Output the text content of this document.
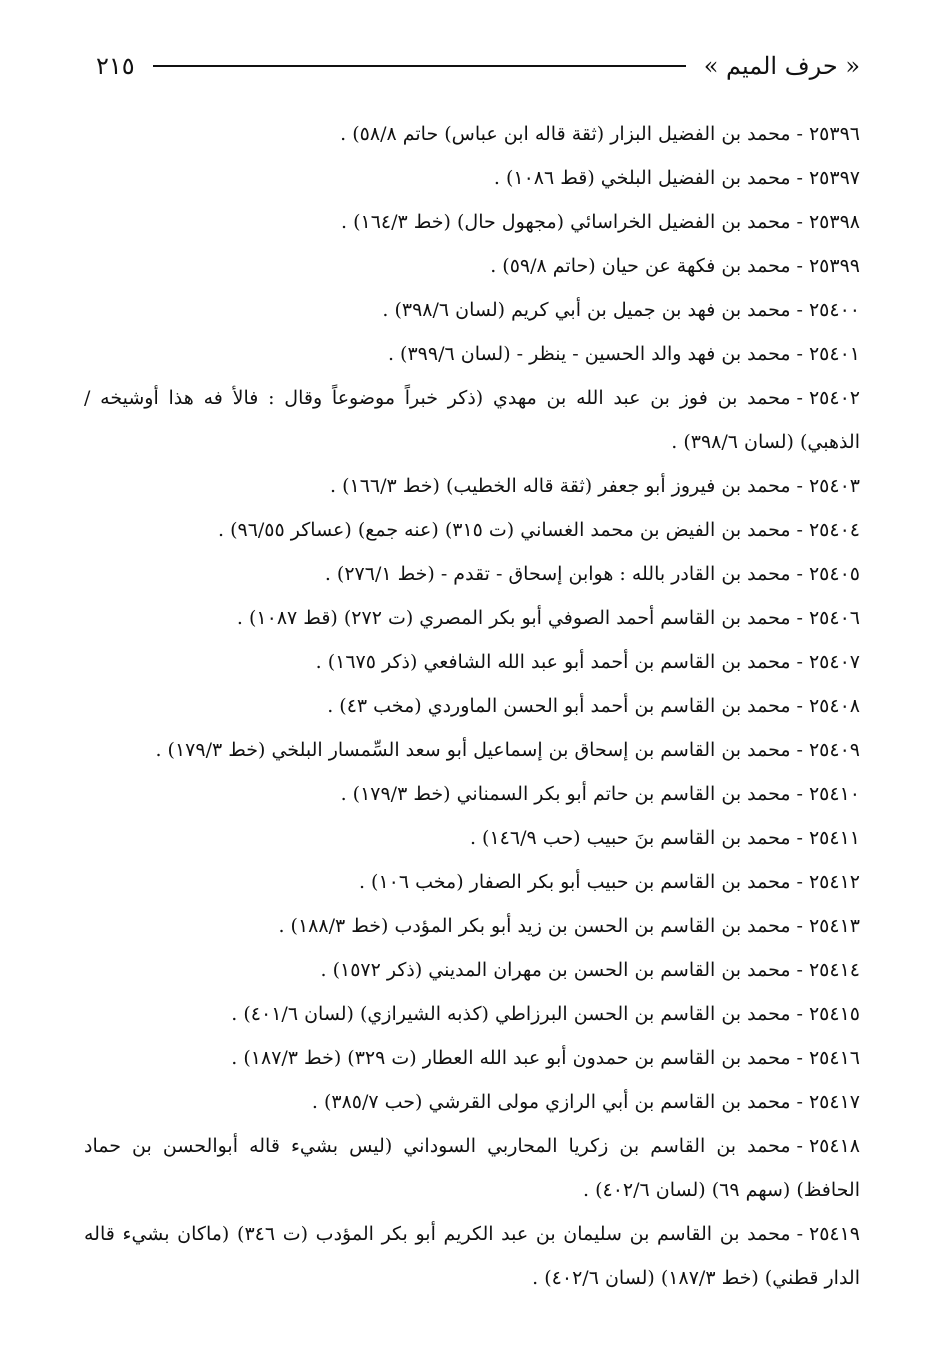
« حرف الميم »
٢١٥
٢٥٣٩٦-محمد بن الفضيل البزار (ثقة قاله ابن عباس) حاتم ٥٨/٨) .
٢٥٣٩٧-محمد بن الفضيل البلخي (قط ١٠٨٦) .
٢٥٣٩٨-محمد بن الفضيل الخراسائي (مجهول حال) (خط ١٦٤/٣) .
٢٥٣٩٩-محمد بن فكهة عن حيان (حاتم ٥٩/٨) .
٢٥٤٠٠-محمد بن فهد بن جميل بن أبي كريم (لسان ٣٩٨/٦) .
٢٥٤٠١-محمد بن فهد والد الحسين - ينظر - (لسان ٣٩٩/٦) .
٢٥٤٠٢-محمد بن فوز بن عبد الله بن مهدي (ذكر خبراً موضوعاً وقال : فالأ فه هذا أوشيخه / الذهبي) (لسان ٣٩٨/٦) .
٢٥٤٠٣-محمد بن فيروز أبو جعفر (ثقة قاله الخطيب) (خط ١٦٦/٣) .
٢٥٤٠٤-محمد بن الفيض بن محمد الغساني (ت ٣١٥) (عنه جمع) (عساكر ٩٦/٥٥) .
٢٥٤٠٥-محمد بن القادر بالله : هوابن إسحاق - تقدم - (خط ٢٧٦/١) .
٢٥٤٠٦-محمد بن القاسم أحمد الصوفي أبو بكر المصري (ت ٢٧٢) (قط ١٠٨٧) .
٢٥٤٠٧-محمد بن القاسم بن أحمد أبو عبد الله الشافعي (ذكر ١٦٧٥) .
٢٥٤٠٨-محمد بن القاسم بن أحمد أبو الحسن الماوردي (مخب ٤٣) .
٢٥٤٠٩-محمد بن القاسم بن إسحاق بن إسماعيل أبو سعد السِّمسار البلخي (خط ١٧٩/٣) .
٢٥٤١٠-محمد بن القاسم بن حاتم أبو بكر السمناني (خط ١٧٩/٣) .
٢٥٤١١-محمد بن القاسم بنَ حبيب (حب ١٤٦/٩) .
٢٥٤١٢-محمد بن القاسم بن حبيب أبو بكر الصفار (مخب ١٠٦) .
٢٥٤١٣-محمد بن القاسم بن الحسن بن زيد أبو بكر المؤدب (خط ١٨٨/٣) .
٢٥٤١٤-محمد بن القاسم بن الحسن بن مهران المديني (ذكر ١٥٧٢) .
٢٥٤١٥-محمد بن القاسم بن الحسن البرزاطي (كذبه الشيرازي) (لسان ٤٠١/٦) .
٢٥٤١٦-محمد بن القاسم بن حمدون أبو عبد الله العطار (ت ٣٢٩) (خط ١٨٧/٣) .
٢٥٤١٧-محمد بن القاسم بن أبي الرازي مولى القرشي (حب ٣٨٥/٧) .
٢٥٤١٨-محمد بن القاسم بن زكريا المحاربي السوداني (ليس بشيء قاله أبوالحسن بن حماد الحافظ) (سهم ٦٩) (لسان ٤٠٢/٦) .
٢٥٤١٩-محمد بن القاسم بن سليمان بن عبد الكريم أبو بكر المؤدب (ت ٣٤٦) (ماكان بشيء قاله الدار قطني) (خط ١٨٧/٣) (لسان ٤٠٢/٦) .
